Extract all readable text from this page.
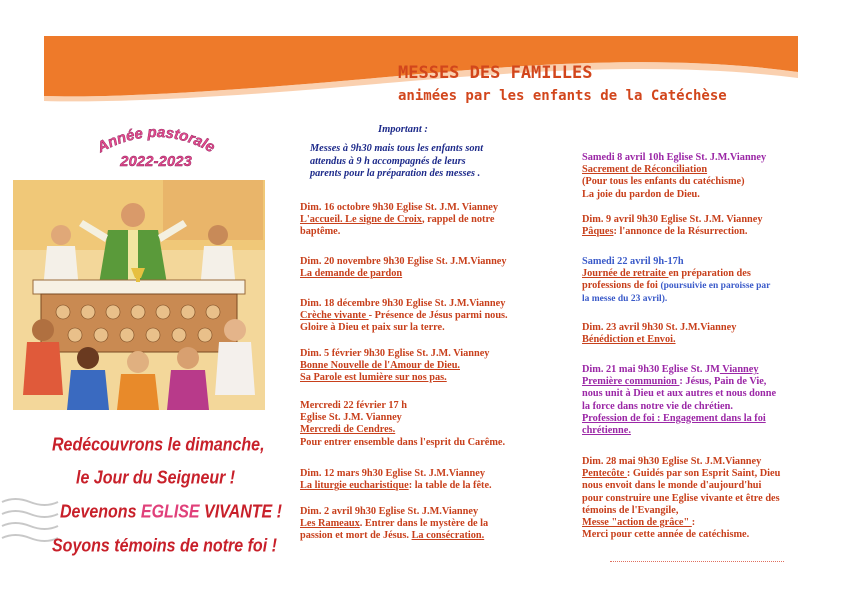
MESSES DES FAMILLES
animées par les enfants de la Catéchèse
Année pastorale
2022-2023
Redécouvrons le dimanche,
le Jour du Seigneur !
Devenons EGLISE VIVANTE !
Soyons témoins de notre foi !
Important :
Messes à 9h30 mais tous les enfants sont
attendus à 9 h accompagnés de leurs
parents pour la préparation des messes .
Dim. 16 octobre 9h30 Eglise St. J.M. Vianney
L'accueil. Le signe de Croix, rappel de notre
baptême.
Dim. 20 novembre 9h30 Eglise St. J.M.Vianney
La demande de pardon
Dim. 18 décembre 9h30 Eglise St. J.M.Vianney
Crèche vivante - Présence de Jésus parmi nous.
Gloire à Dieu et paix sur la terre.
Dim. 5 février 9h30 Eglise St. J.M. Vianney
Bonne Nouvelle de l'Amour de Dieu.
Sa Parole est lumière sur nos pas.
Mercredi 22 février 17 h
Eglise St. J.M. Vianney
Mercredi de Cendres.
Pour entrer ensemble dans l'esprit du Carême.
Dim. 12 mars 9h30 Eglise St. J.M.Vianney
La liturgie eucharistique: la table de la fête.
Dim. 2 avril 9h30 Eglise St. J.M.Vianney
Les Rameaux. Entrer dans le mystère de la
passion et mort de Jésus. La consécration.
Samedi 8 avril 10h Eglise St. J.M.Vianney
Sacrement de Réconciliation
(Pour tous les enfants du catéchisme)
La joie du pardon de Dieu.
Dim. 9 avril 9h30 Eglise St. J.M. Vianney
Pâques: l'annonce de la Résurrection.
Samedi 22 avril 9h-17h
Journée de retraite en préparation des
professions de foi (poursuivie en paroisse par
la messe du 23 avril).
Dim. 23 avril 9h30 St. J.M.Vianney
Bénédiction et Envoi.
Dim. 21 mai 9h30 Eglise St. JM Vianney
Première communion : Jésus, Pain de Vie,
nous unit à Dieu et aux autres et nous donne
la force dans notre vie de chrétien.
Profession de foi : Engagement dans la foi
chrétienne.
Dim. 28 mai 9h30 Eglise St. J.M.Vianney
Pentecôte : Guidés par son Esprit Saint, Dieu
nous envoit dans le monde d'aujourd'hui
pour construire une Eglise vivante et être des
témoins de l'Evangile,
Messe "action de grâce" :
Merci pour cette année de catéchisme.
